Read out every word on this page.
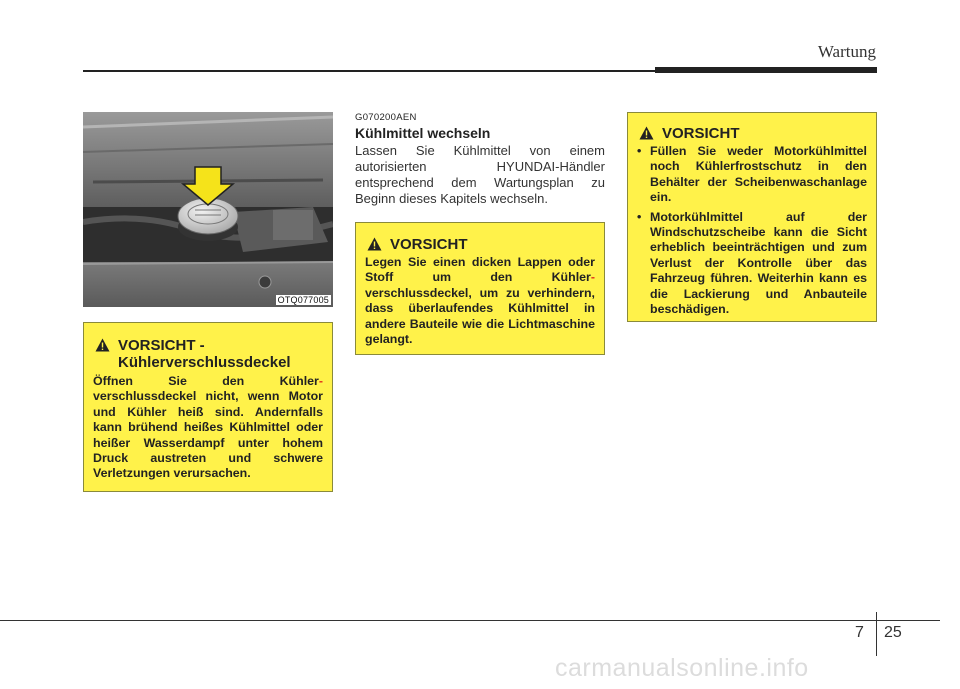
Wartung
OTQ077005
VORSICHT -
Kühlerverschlussdeckel
Öffnen Sie den Kühler- verschlussdeckel nicht, wenn Motor und Kühler heiß sind. Andernfalls kann brühend heißes Kühlmittel oder heißer Wasserdampf unter hohem Druck austreten und schwere Verletzungen verursachen.
G070200AEN
Kühlmittel wechseln
Lassen Sie Kühlmittel von einem autorisierten HYUNDAI-Händler entsprechend dem Wartungsplan zu Beginn dieses Kapitels wechseln.
VORSICHT
Legen Sie einen dicken Lappen oder Stoff um den Kühler- verschlussdeckel, um zu verhindern, dass überlaufendes Kühlmittel in andere Bauteile wie die Lichtmaschine gelangt.
VORSICHT
• Füllen Sie weder Motorkühlmittel noch Kühlerfrostschutz in den Behälter der Scheibenwaschanlage ein.
• Motorkühlmittel auf der Windschutzscheibe kann die Sicht erheblich beeinträchtigen und zum Verlust der Kontrolle über das Fahrzeug führen. Weiterhin kann es die Lackierung und Anbauteile beschädigen.
7 25
carmanualsonline.info
